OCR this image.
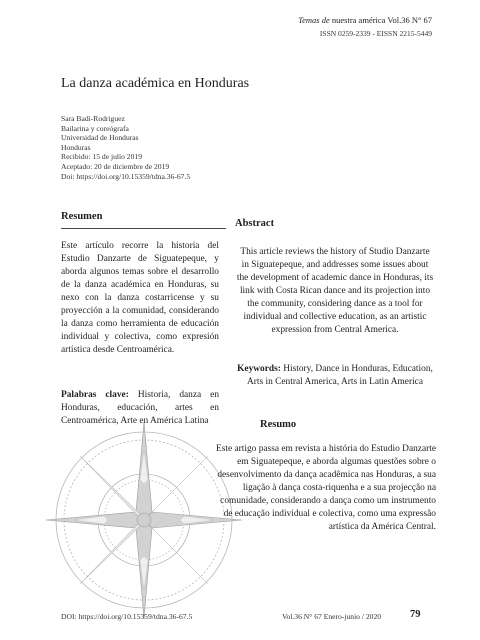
Temas de nuestra américa Vol.36 N° 67
ISSN 0259-2339 - EISSN 2215-5449
La danza académica en Honduras
Sara Badi-Rodriguez
Bailarina y coreógrafa
Universidad de Honduras
Honduras
Recibido: 15 de julio 2019
Aceptado: 20 de diciembre de 2019
Doi: https://doi.org/10.15359/tdna.36-67.5
Resumen

Este artículo recorre la historia del Estudio Danzarte de Siguatepeque, y aborda algunos temas sobre el desarrollo de la danza académica en Honduras, su nexo con la danza costarricense y su proyección a la comunidad, considerando la danza como herramienta de educación individual y colectiva, como expresión artística desde Centroamérica.

Palabras clave: Historia, danza en Honduras, educación, artes en Centroamérica, Arte en América Latina
Abstract

This article reviews the history of Studio Danzarte in Siguatepeque, and addresses some issues about the development of academic dance in Honduras, its link with Costa Rican dance and its projection into the community, considering dance as a tool for individual and collective education, as an artistic expression from Central America.

Keywords: History, Dance in Honduras, Education, Arts in Central America, Arts in Latin America
Resumo

Este artigo passa em revista a história do Estudio Danzarte em Siguatepeque, e aborda algumas questões sobre o desenvolvimento da dança acadêmica nas Honduras, a sua ligação à dança costa-riquenha e a sua projecção na comunidade, considerando a dança como um instrumento de educação individual e colectiva, como uma expressão artística da América Central.

DOI: https://doi.org/10.15359/tdna.36-67.5	Vol.36 N° 67 Enero-junio / 2020	79
